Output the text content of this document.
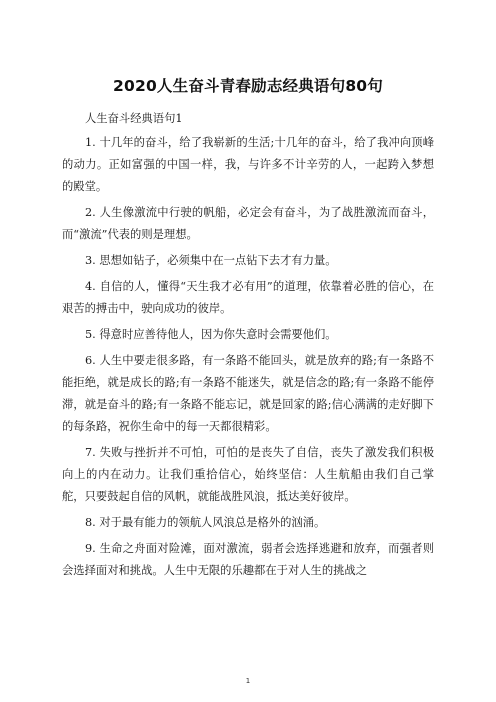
2020人生奋斗青春励志经典语句80句

人生奋斗经典语句1

1. 十几年的奋斗，给了我崭新的生活;十几年的奋斗，给了我冲向顶峰的动力。正如富强的中国一样，我，与许多不计辛劳的人，一起跨入梦想的殿堂。

2. 人生像激流中行驶的帆船，必定会有奋斗，为了战胜激流而奋斗，而“激流”代表的则是理想。

3. 思想如钻子，必须集中在一点钻下去才有力量。

4. 自信的人，懂得“天生我才必有用”的道理，依靠着必胜的信心，在艰苦的搏击中，驶向成功的彼岸。

5. 得意时应善待他人，因为你失意时会需要他们。

6. 人生中要走很多路，有一条路不能回头，就是放弃的路;有一条路不能拒绝，就是成长的路;有一条路不能迷失，就是信念的路;有一条路不能停滞，就是奋斗的路;有一条路不能忘记，就是回家的路;信心满满的走好脚下的每条路，祝你生命中的每一天都很精彩。

7. 失败与挫折并不可怕，可怕的是丧失了自信，丧失了激发我们积极向上的内在动力。让我们重拾信心，始终坚信：人生航船由我们自己掌舵，只要鼓起自信的风帆，就能战胜风浪，抵达美好彼岸。

8. 对于最有能力的领航人风浪总是格外的汹涌。

9. 生命之舟面对险滩，面对激流，弱者会选择逃避和放弃，而强者则会选择面对和挑战。人生中无限的乐趣都在于对人生的挑战之

1
